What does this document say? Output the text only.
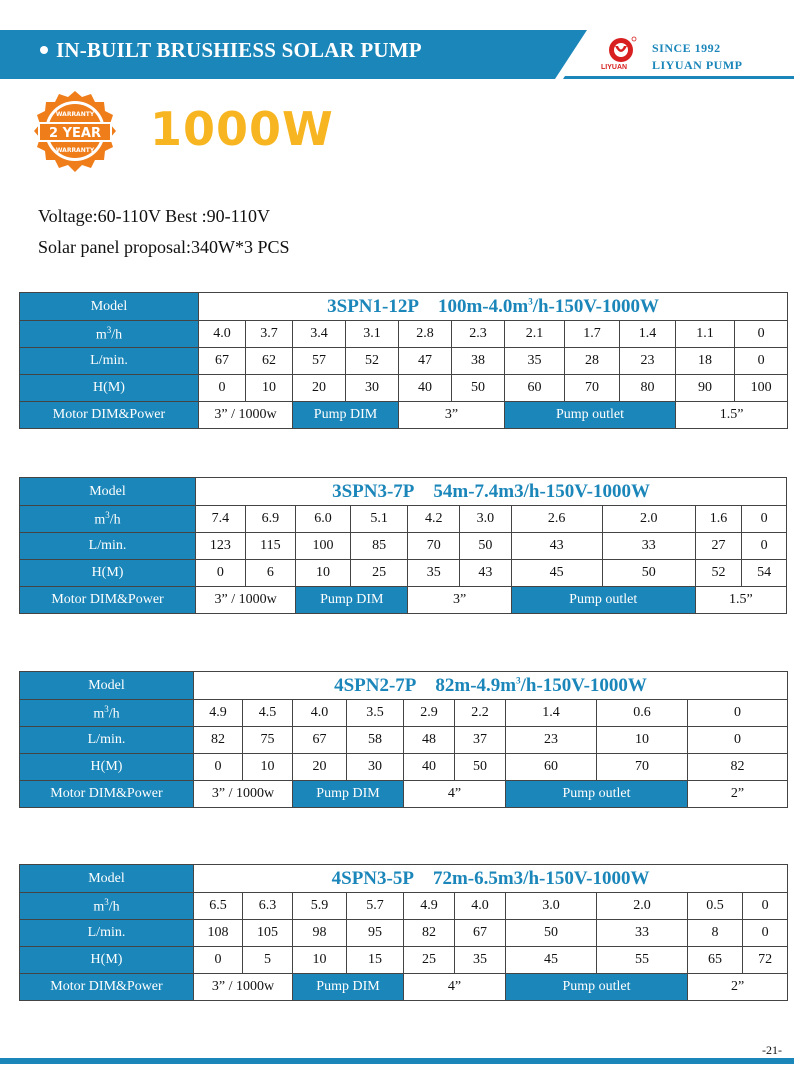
IN-BUILT BRUSHIESS SOLAR PUMP
LIYUAN
SINCE 1992
LIYUAN PUMP
2 YEAR
WARRANTY
WARRANTY 1000W
Voltage:60-110V Best :90-110V
Solar panel proposal:340W*3 PCS
Model	3SPN1-12P $100m-4.0m^3/h-150V-1000W$										
$m^3/h$	4.0	3.7	3.4	3.1	2.8	2.3	2.1	1.7	1.4	1.1	0
L/min.	67	62	57	52	47	38	35	28	23	18	0
H(M)	0	10	20	30	40	50	60	70	80	90	100
Motor DIM&Power	3” / 1000w		Pump DIM		3”		Pump outlet			1.5”	
Model	3SPN3-7P 54m-7.4m3/h-150V-1000W									
$m^3/h$	7.4	6.9	6.0	5.1	4.2	3.0	2.6	2.0	1.6	0
L/min.	123	115	100	85	70	50	43	33	27	0
H(M)	0	6	10	25	35	43	45	50	52	54
Motor DIM&Power	3” / 1000w		Pump DIM		3”		Pump outlet		1.5”	
Model	4SPN2-7P $82m-4.9m^3/h-150V-1000W$								
$m^3/h$	4.9	4.5	4.0	3.5	2.9	2.2	1.4	0.6	0
L/min.	82	75	67	58	48	37	23	10	0
H(M)	0	10	20	30	40	50	60	70	82
Motor DIM&Power	3” / 1000w		Pump DIM		4”		Pump outlet		2”
Model	4SPN3-5P 72m-6.5m3/h-150V-1000W									
$m^3/h$	6.5	6.3	5.9	5.7	4.9	4.0	3.0	2.0	0.5	0
L/min.	108	105	98	95	82	67	50	33	8	0
H(M)	0	5	10	15	25	35	45	55	65	72
Motor DIM&Power	3” / 1000w		Pump DIM		4”		Pump outlet		2”	
-21-
